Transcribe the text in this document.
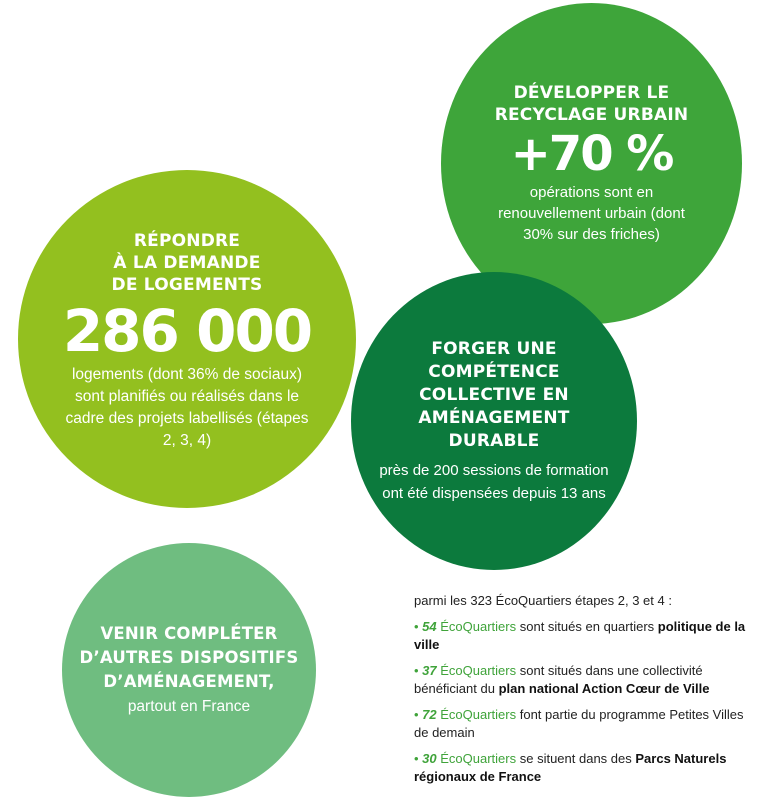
RÉPONDRE
À LA DEMANDE
DE LOGEMENTS
286 000
logements (dont 36% de sociaux) sont planifiés ou réalisés dans le cadre des projets labellisés (étapes 2, 3, 4)
DÉVELOPPER LE
RECYCLAGE URBAIN
+70 %
opérations sont en renouvellement urbain (dont 30% sur des friches)
FORGER UNE COMPÉTENCE COLLECTIVE EN AMÉNAGEMENT DURABLE
près de 200 sessions de formation ont été dispensées depuis 13 ans
VENIR COMPLÉTER D’AUTRES DISPOSITIFS D’AMÉNAGEMENT,
partout en France
parmi les 323 ÉcoQuartiers étapes 2, 3 et 4 :
• 54 ÉcoQuartiers sont situés en quartiers politique de la ville
• 37 ÉcoQuartiers sont situés dans une collectivité bénéficiant du plan national Action Cœur de Ville
• 72 ÉcoQuartiers font partie du programme Petites Villes de demain
• 30 ÉcoQuartiers se situent dans des Parcs Naturels régionaux de France
